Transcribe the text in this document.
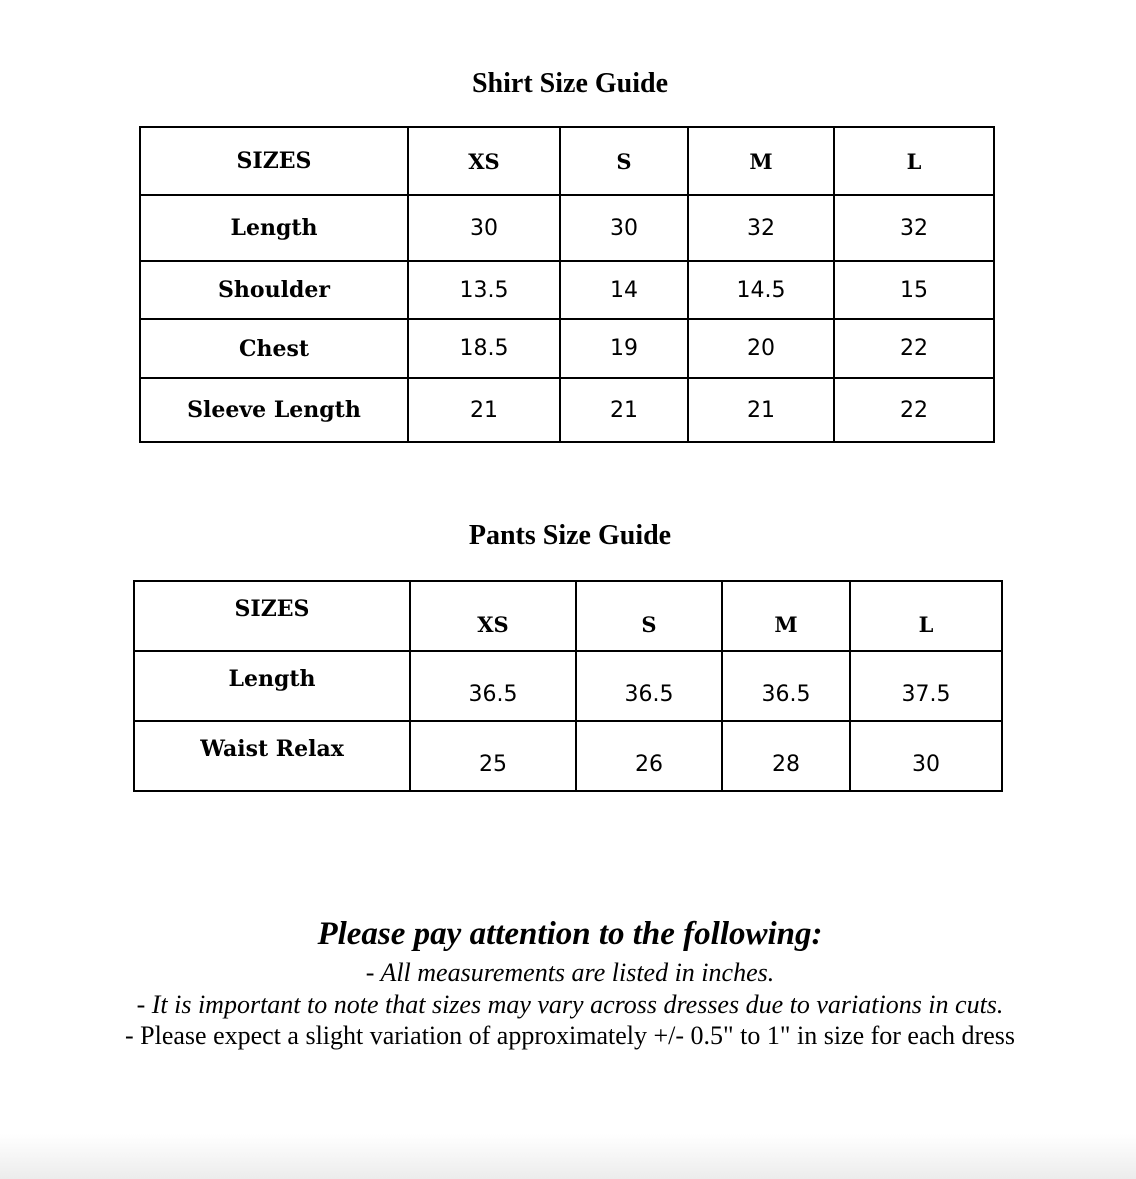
Shirt Size Guide
SIZES	XS	S	M	L
Length	30	30	32	32
Shoulder	13.5	14	14.5	15
Chest	18.5	19	20	22
Sleeve Length	21	21	21	22
Pants Size Guide
SIZES	XS	S	M	L
Length	36.5	36.5	36.5	37.5
Waist Relax	25	26	28	30
Please pay attention to the following:
- All measurements are listed in inches.
- It is important to note that sizes may vary across dresses due to variations in cuts.
- Please expect a slight variation of approximately +/- 0.5" to 1" in size for each dress
